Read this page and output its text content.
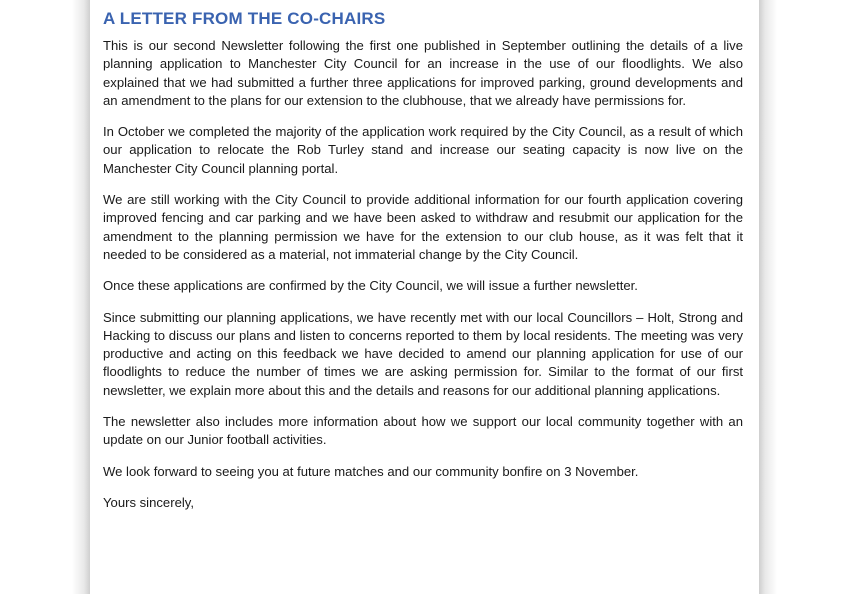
A LETTER FROM THE CO-CHAIRS

This is our second Newsletter following the first one published in September outlining the details of a live planning application to Manchester City Council for an increase in the use of our floodlights. We also explained that we had submitted a further three applications for improved parking, ground developments and an amendment to the plans for our extension to the clubhouse, that we already have permissions for.

In October we completed the majority of the application work required by the City Council, as a result of which our application to relocate the Rob Turley stand and increase our seating capacity is now live on the Manchester City Council planning portal.

We are still working with the City Council to provide additional information for our fourth application covering improved fencing and car parking and we have been asked to withdraw and resubmit our application for the amendment to the planning permission we have for the extension to our club house, as it was felt that it needed to be considered as a material, not immaterial change by the City Council.

Once these applications are confirmed by the City Council, we will issue a further newsletter.

Since submitting our planning applications, we have recently met with our local Councillors – Holt, Strong and Hacking to discuss our plans and listen to concerns reported to them by local residents. The meeting was very productive and acting on this feedback we have decided to amend our planning application for use of our floodlights to reduce the number of times we are asking permission for. Similar to the format of our first newsletter, we explain more about this and the details and reasons for our additional planning applications.

The newsletter also includes more information about how we support our local community together with an update on our Junior football activities.

We look forward to seeing you at future matches and our community bonfire on 3 November.

Yours sincerely,
